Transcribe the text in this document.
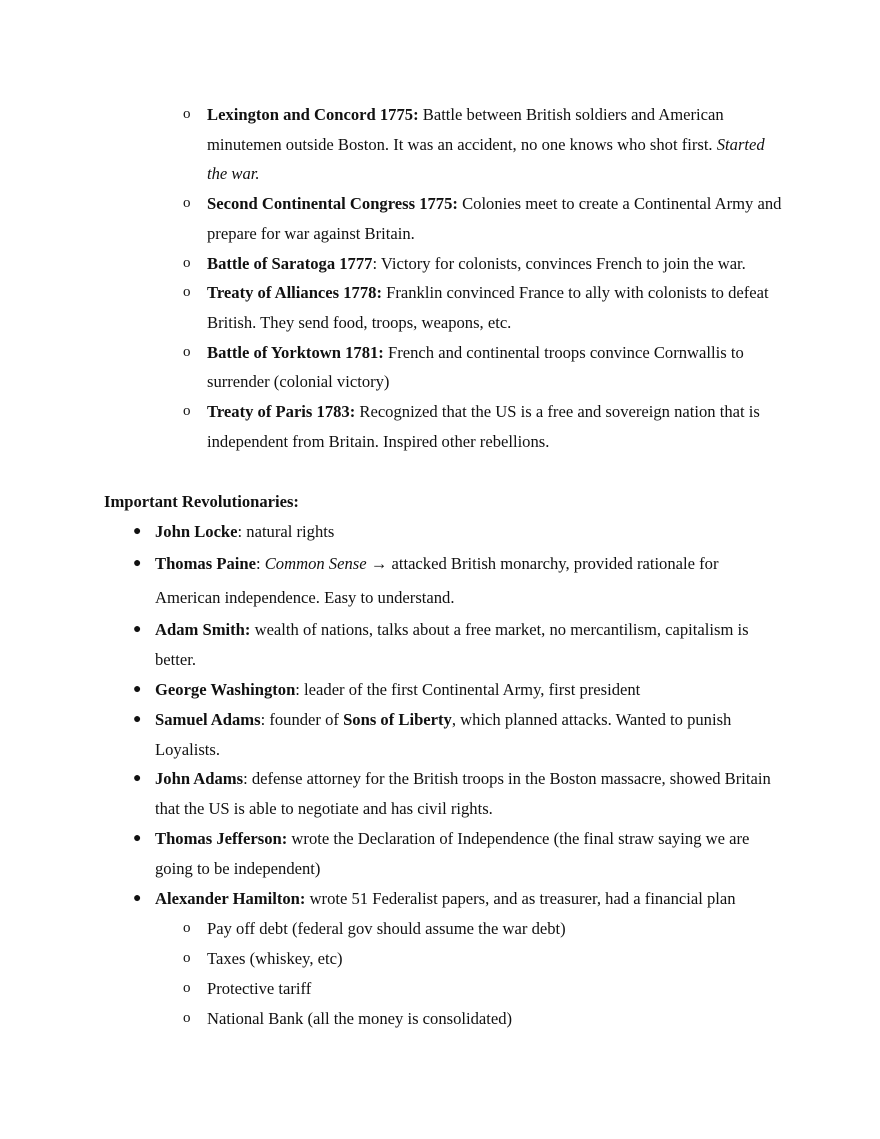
o Lexington and Concord 1775: Battle between British soldiers and American minutemen outside Boston. It was an accident, no one knows who shot first. Started the war.
o Second Continental Congress 1775: Colonies meet to create a Continental Army and prepare for war against Britain.
o Battle of Saratoga 1777: Victory for colonists, convinces French to join the war.
o Treaty of Alliances 1778: Franklin convinced France to ally with colonists to defeat British. They send food, troops, weapons, etc.
o Battle of Yorktown 1781: French and continental troops convince Cornwallis to surrender (colonial victory)
o Treaty of Paris 1783: Recognized that the US is a free and sovereign nation that is independent from Britain. Inspired other rebellions.
Important Revolutionaries:
● John Locke: natural rights
● Thomas Paine: Common Sense → attacked British monarchy, provided rationale for American independence. Easy to understand.
● Adam Smith: wealth of nations, talks about a free market, no mercantilism, capitalism is better.
● George Washington: leader of the first Continental Army, first president
● Samuel Adams: founder of Sons of Liberty, which planned attacks. Wanted to punish Loyalists.
● John Adams: defense attorney for the British troops in the Boston massacre, showed Britain that the US is able to negotiate and has civil rights.
● Thomas Jefferson: wrote the Declaration of Independence (the final straw saying we are going to be independent)
● Alexander Hamilton: wrote 51 Federalist papers, and as treasurer, had a financial plan
o Pay off debt (federal gov should assume the war debt)
o Taxes (whiskey, etc)
o Protective tariff
o National Bank (all the money is consolidated)
